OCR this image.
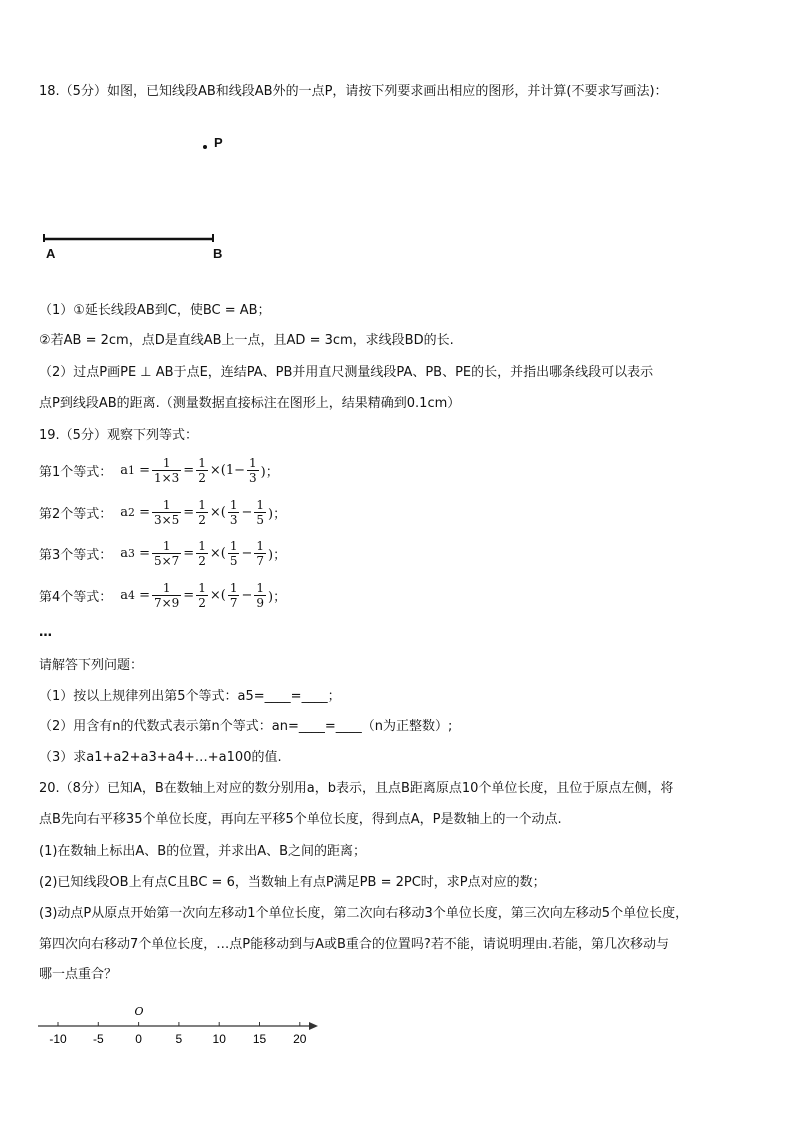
18.（5分）如图，已知线段AB和线段AB外的一点P，请按下列要求画出相应的图形，并计算(不要求写画法)：
P
A	B
（1）①延长线段AB到C，使BC = AB；
②若AB = 2cm，点D是直线AB上一点，且AD = 3cm，求线段BD的长.
（2）过点P画PE ⊥ AB于点E，连结PA、PB并用直尺测量线段PA、PB、PE的长，并指出哪条线段可以表示
点P到线段AB的距离.（测量数据直接标注在图形上，结果精确到0.1cm）
19.（5分）观察下列等式：
第1个等式： a $1 = \frac{1}{1\times 3} = \frac{1}{2} \times (1- \frac{1}{3}$ )；
第2个等式： a $2 = \frac{1}{3\times 5} = \frac{1}{2}$ × ( $\frac{1}{3} - \frac{1}{5}$ )；
第3个等式： a $3 = \frac{1}{5\times 7} = \frac{1}{2}$ × ( $\frac{1}{5} - \frac{1}{7}$ )；
第4个等式： a $4 = \frac{1}{7\times 9} = \frac{1}{2}$ × ( $\frac{1}{7} - \frac{1}{9}$ )；
…
请解答下列问题：
（1）按以上规律列出第5个等式：a5=____=____；
（2）用含有n的代数式表示第n个等式：an=____=____（n为正整数）;
（3）求a1+a2+a3+a4+…+a100的值.
20.（8分）已知A，B在数轴上对应的数分别用a，b表示，且点B距离原点10个单位长度，且位于原点左侧，将
点B先向右平移35个单位长度，再向左平移5个单位长度，得到点A，P是数轴上的一个动点.
(1)在数轴上标出A、B的位置，并求出A、B之间的距离；
(2)已知线段OB上有点C且BC = 6，当数轴上有点P满足PB = 2PC时，求P点对应的数；
(3)动点P从原点开始第一次向左移动1个单位长度，第二次向右移动3个单位长度，第三次向左移动5个单位长度，
第四次向右移动7个单位长度，…点P能移动到与A或B重合的位置吗?若不能，请说明理由.若能，第几次移动与
哪一点重合？
-10 -5	0	5	10 15 20
O
